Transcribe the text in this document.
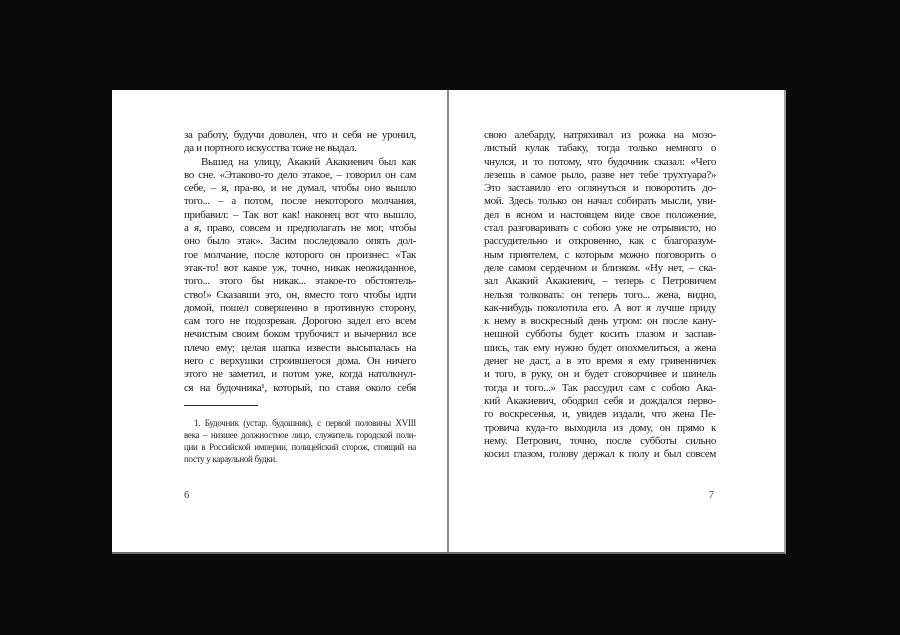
за работу, будучи доволен, что и себя не уронил,
да и портного искусства тоже не выдал.
Вышед на улицу, Акакий Акакиевич был как
во сне. «Этаково-то дело этакое, – говорил он сам
себе, – я, пра-во, и не думал, чтобы оно вышло
того... – а потом, после некоторого молчания,
прибавил: – Так вот как! наконец вот что вышло,
а я, право, совсем и предполагать не мог, чтобы
оно было этак». Засим последовало опять дол-
гое молчание, после которого он произнес: «Так
этак-то! вот какое уж, точно, никак неожиданное,
того... этого бы никак... этакое-то обстоятель-
ство!» Сказавши это, он, вместо того чтобы идти
домой, пошел совершенно в противную сторону,
сам того не подозревая. Дорогою задел его всем
нечистым своим боком трубочист и вычернил все
плечо ему; целая шапка извести высыпалась на
него с верхушки строившегося дома. Он ничего
этого не заметил, и потом уже, когда натолкнул-
ся на будочника¹, который, по ставя около себя
1. Будочник (устар. будошник), с первой половины XVIII
века – низшее должностное лицо, служитель городской поли-
ции в Российской империи, полицейский сторож, стоящий на
посту у караульной будки.
6
свою алебарду, натряхивал из рожка на мозо-
листый кулак табаку, тогда только немного о
чнулся, и то потому, что будочник сказал: «Чего
лезешь в самое рыло, разве нет тебе трухтуара?»
Это заставило его оглянуться и поворотить до-
мой. Здесь только он начал собирать мысли, уви-
дел в ясном и настоящем виде свое положение,
стал разговаривать с собою уже не отрывисто, но
рассудительно и откровенно, как с благоразум-
ным приятелем, с которым можно поговорить о
деле самом сердечном и близком. «Ну нет, – ска-
зал Акакий Акакиевич, – теперь с Петровичем
нельзя толковать: он теперь того... жена, видно,
как-нибудь поколотила его. А вот я лучше приду
к нему в воскресный день утром: он после кану-
нешной субботы будет косить глазом и заспав-
шись, так ему нужно будет опохмелиться, а жена
денег не даст, а в это время я ему гривенничек
и того, в руку, он и будет сговорчивее и шинель
тогда и того...» Так рассудил сам с собою Ака-
кий Акакиевич, ободрил себя и дождался перво-
го воскресенья, и, увидев издали, что жена Пе-
тровича куда-то выходила из дому, он прямо к
нему. Петрович, точно, после субботы сильно
косил глазом, голову держал к полу и был совсем
7
